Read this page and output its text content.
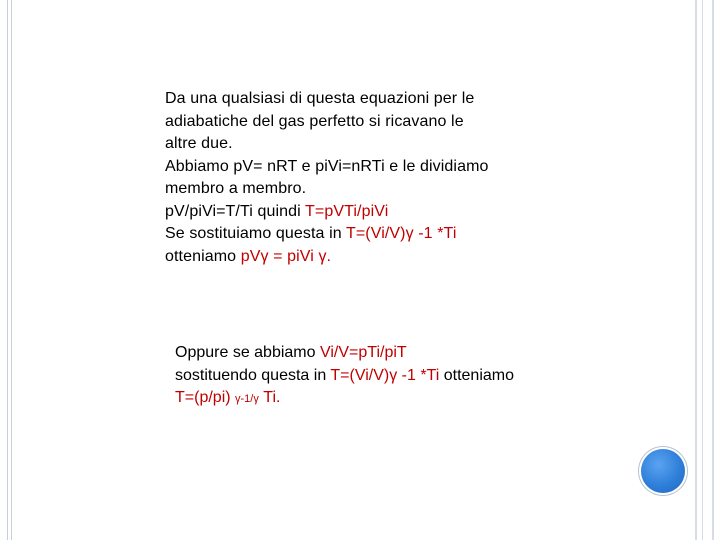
Da una qualsiasi di questa equazioni per le
adiabatiche del gas perfetto si ricavano le
altre due.
Abbiamo pV= nRT e piVi=nRTi e le dividiamo
membro a membro.
pV/piVi=T/Ti quindi T=pVTi/piVi
Se sostituiamo questa in T=(Vi/V)γ -1 *Ti
otteniamo pVγ = piVi γ.
Oppure se abbiamo Vi/V=pTi/piT
sostituendo questa in T=(Vi/V)γ -1 *Ti otteniamo
T=(p/pi) γ-1/γ Ti.
